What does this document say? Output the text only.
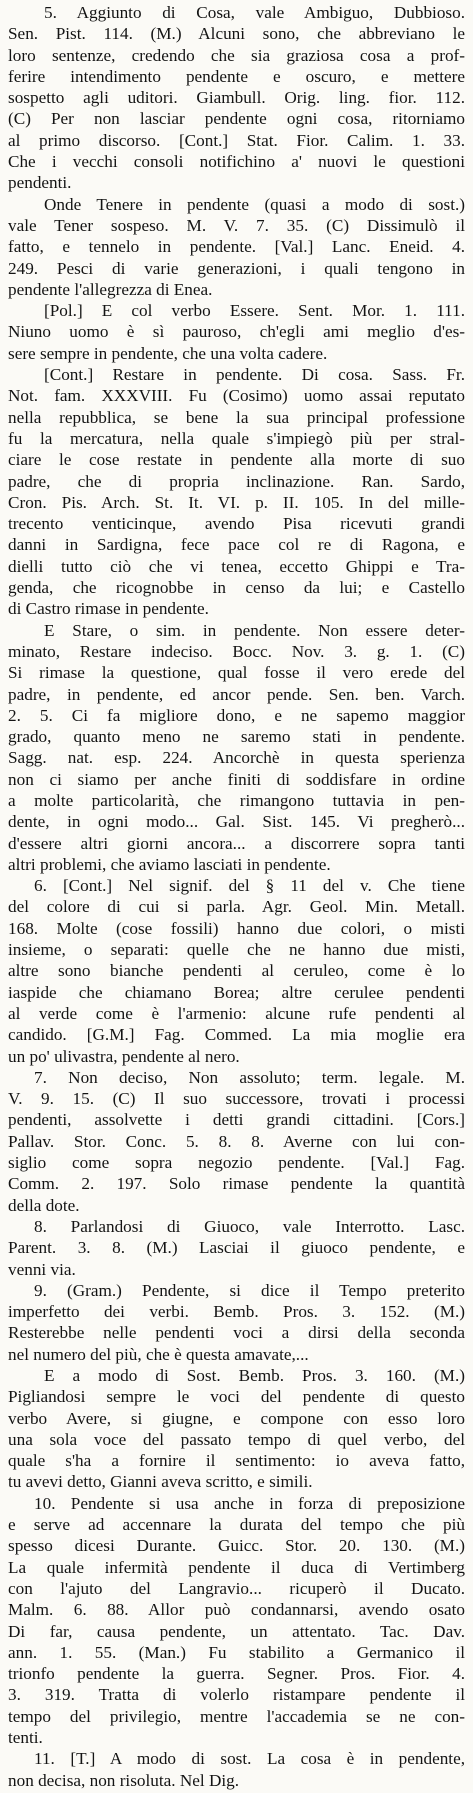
5. Aggiunto di Cosa, vale Ambiguo, Dubbioso.
Sen. Pist. 114. (M.) Alcuni sono, che abbreviano le
loro sentenze, credendo che sia graziosa cosa a prof-
ferire intendimento pendente e oscuro, e mettere
sospetto agli uditori. Giambull. Orig. ling. fior. 112.
(C) Per non lasciar pendente ogni cosa, ritorniamo
al primo discorso. [Cont.] Stat. Fior. Calim. 1. 33.
Che i vecchi consoli notifichino a' nuovi le questioni
pendenti.
Onde Tenere in pendente (quasi a modo di sost.)
vale Tener sospeso. M. V. 7. 35. (C) Dissimulò il
fatto, e tennelo in pendente. [Val.] Lanc. Eneid. 4.
249. Pesci di varie generazioni, i quali tengono in
pendente l'allegrezza di Enea.
[Pol.] E col verbo Essere. Sent. Mor. 1. 111.
Niuno uomo è sì pauroso, ch'egli ami meglio d'es-
sere sempre in pendente, che una volta cadere.
[Cont.] Restare in pendente. Di cosa. Sass. Fr.
Not. fam. XXXVIII. Fu (Cosimo) uomo assai reputato
nella repubblica, se bene la sua principal professione
fu la mercatura, nella quale s'impiegò più per stral-
ciare le cose restate in pendente alla morte di suo
padre, che di propria inclinazione. Ran. Sardo,
Cron. Pis. Arch. St. It. VI. p. II. 105. In del mille-
trecento venticinque, avendo Pisa ricevuti grandi
danni in Sardigna, fece pace col re di Ragona, e
dielli tutto ciò che vi tenea, eccetto Ghippi e Tra-
genda, che ricognobbe in censo da lui; e Castello
di Castro rimase in pendente.
E Stare, o sim. in pendente. Non essere deter-
minato, Restare indeciso. Bocc. Nov. 3. g. 1. (C)
Si rimase la questione, qual fosse il vero erede del
padre, in pendente, ed ancor pende. Sen. ben. Varch.
2. 5. Ci fa migliore dono, e ne sapemo maggior
grado, quanto meno ne saremo stati in pendente.
Sagg. nat. esp. 224. Ancorchè in questa sperienza
non ci siamo per anche finiti di soddisfare in ordine
a molte particolarità, che rimangono tuttavia in pen-
dente, in ogni modo... Gal. Sist. 145. Vi pregherò...
d'essere altri giorni ancora... a discorrere sopra tanti
altri problemi, che aviamo lasciati in pendente.
6. [Cont.] Nel signif. del § 11 del v. Che tiene
del colore di cui si parla. Agr. Geol. Min. Metall.
168. Molte (cose fossili) hanno due colori, o misti
insieme, o separati: quelle che ne hanno due misti,
altre sono bianche pendenti al ceruleo, come è lo
iaspide che chiamano Borea; altre cerulee pendenti
al verde come è l'armenio: alcune rufe pendenti al
candido. [G.M.] Fag. Commed. La mia moglie era
un po' ulivastra, pendente al nero.
7. Non deciso, Non assoluto; term. legale. M.
V. 9. 15. (C) Il suo successore, trovati i processi
pendenti, assolvette i detti grandi cittadini. [Cors.]
Pallav. Stor. Conc. 5. 8. 8. Averne con lui con-
siglio come sopra negozio pendente. [Val.] Fag.
Comm. 2. 197. Solo rimase pendente la quantità
della dote.
8. Parlandosi di Giuoco, vale Interrotto. Lasc.
Parent. 3. 8. (M.) Lasciai il giuoco pendente, e
venni via.
9. (Gram.) Pendente, si dice il Tempo preterito
imperfetto dei verbi. Bemb. Pros. 3. 152. (M.)
Resterebbe nelle pendenti voci a dirsi della seconda
nel numero del più, che è questa amavate,...
E a modo di Sost. Bemb. Pros. 3. 160. (M.)
Pigliandosi sempre le voci del pendente di questo
verbo Avere, si giugne, e compone con esso loro
una sola voce del passato tempo di quel verbo, del
quale s'ha a fornire il sentimento: io aveva fatto,
tu avevi detto, Gianni aveva scritto, e simili.
10. Pendente si usa anche in forza di preposizione
e serve ad accennare la durata del tempo che più
spesso dicesi Durante. Guicc. Stor. 20. 130. (M.)
La quale infermità pendente il duca di Vertimberg
con l'ajuto del Langravio... ricuperò il Ducato.
Malm. 6. 88. Allor può condannarsi, avendo osato
Di far, causa pendente, un attentato. Tac. Dav.
ann. 1. 55. (Man.) Fu stabilito a Germanico il
trionfo pendente la guerra. Segner. Pros. Fior. 4.
3. 319. Tratta di volerlo ristampare pendente il
tempo del privilegio, mentre l'accademia se ne con-
tenti.
11. [T.] A modo di sost. La cosa è in pendente,
non decisa, non risoluta. Nel Dig.
